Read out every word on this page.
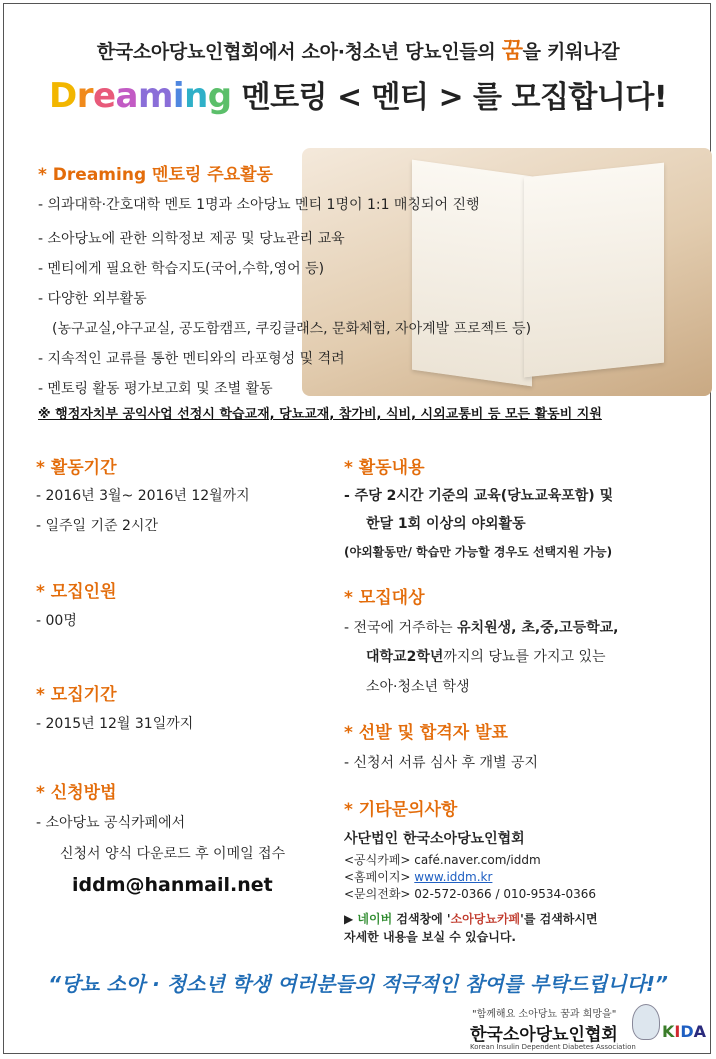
한국소아당뇨인협회에서 소아·청소년 당뇨인들의 꿈을 키워나갈
Dreaming 멘토링 < 멘티 > 를 모집합니다!
* Dreaming 멘토링 주요활동
- 의과대학·간호대학 멘토 1명과 소아당뇨 멘티 1명이 1:1 매칭되어 진행
- 소아당뇨에 관한 의학정보 제공 및 당뇨관리 교육
- 멘티에게 필요한 학습지도(국어,수학,영어 등)
- 다양한 외부활동
(농구교실,야구교실, 공도함캠프, 쿠킹클래스, 문화체험, 자아계발 프로젝트 등)
- 지속적인 교류를 통한 멘티와의 라포형성 및 격려
- 멘토링 활동 평가보고회 및 조별 활동
※ 행정자치부 공익사업 선정시 학습교재, 당뇨교재, 참가비, 식비, 시외교통비 등 모든 활동비 지원
* 활동기간
- 2016년 3월~ 2016년 12월까지
- 일주일 기준 2시간
* 모집인원
- 00명
* 모집기간
- 2015년 12월 31일까지
* 신청방법
- 소아당뇨 공식카페에서
신청서 양식 다운로드 후 이메일 접수
iddm@hanmail.net
* 활동내용
- 주당 2시간 기준의 교육(당뇨교육포함) 및
한달 1회 이상의 야외활동
(야외활동만/ 학습만 가능할 경우도 선택지원 가능)
* 모집대상
- 전국에 거주하는 유치원생, 초,중,고등학교,
대학교2학년까지의 당뇨를 가지고 있는
소아·청소년 학생
* 선발 및 합격자 발표
- 신청서 서류 심사 후 개별 공지
* 기타문의사항
사단법인 한국소아당뇨인협회
<공식카페> café.naver.com/iddm
<홈페이지> www.iddm.kr
<문의전화> 02-572-0366 / 010-9534-0366
▶ 네이버 검색창에 '소아당뇨카페'를 검색하시면
자세한 내용을 보실 수 있습니다.
“당뇨 소아 · 청소년 학생 여러분들의 적극적인 참여를 부탁드립니다!”
"함께해요 소아당뇨 꿈과 희망을"
한국소아당뇨인협회
Korean Insulin Dependent Diabetes Association
KIDA
